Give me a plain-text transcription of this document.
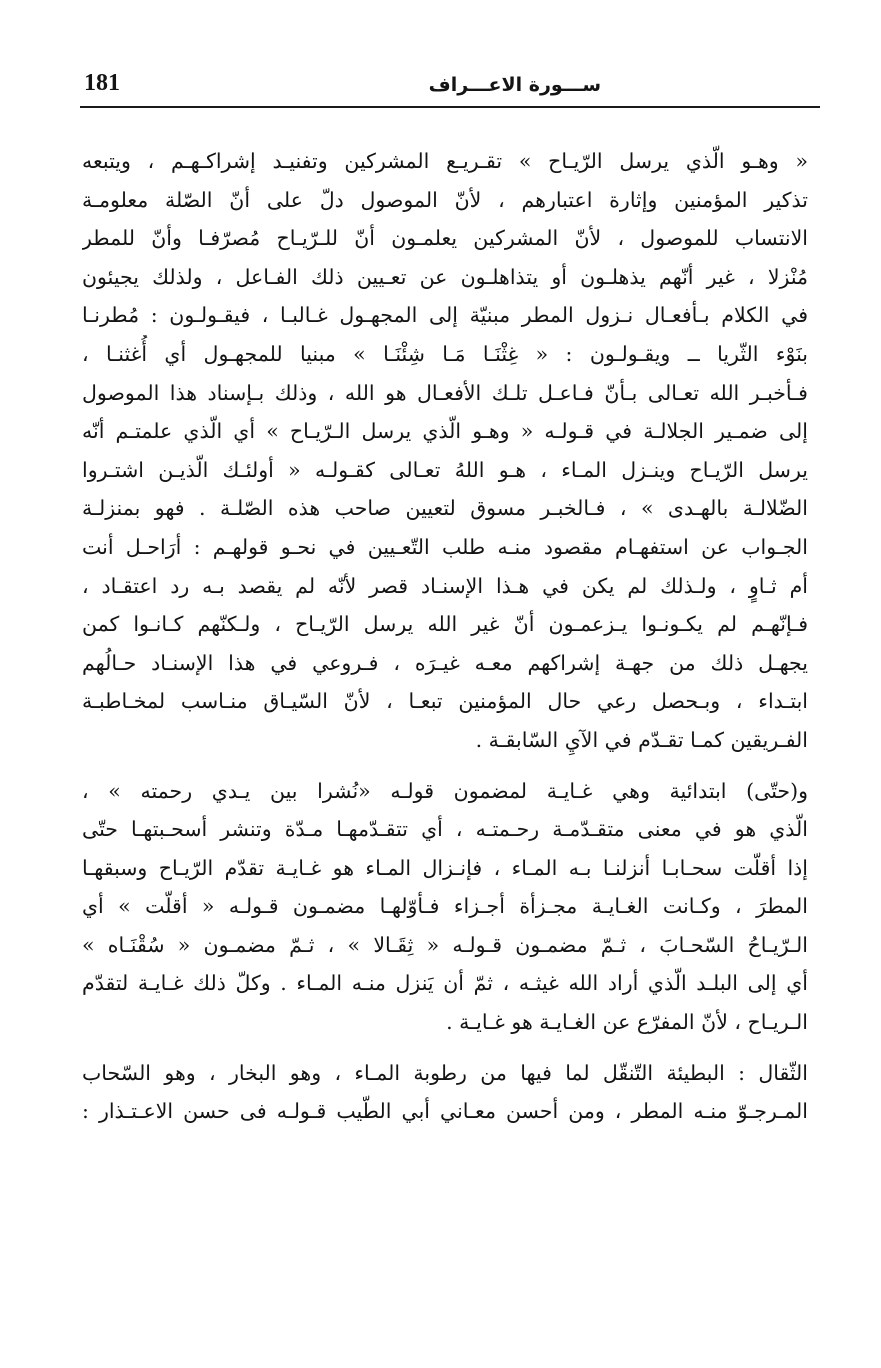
181	ســـورة الاعـــراف
« وهـو الّذي يرسل الرّيـاح » تقـريـع المشركين وتفنيـد إشراكـهـم ، ويتبعه
تذكير المؤمنين وإثارة اعتبارهم ، لأنّ الموصول دلّ على أنّ الصّلة معلومـة
الانتساب للموصول ، لأنّ المشركين يعلمـون أنّ للـرّيـاح مُصرّفـا وأنّ للمطر
مُنْزلا ، غير أنّهم يذهلـون أو يتذاهلـون عن تعـيين ذلك الفـاعل ، ولذلك يجيئون
في الكلام بـأفعـال نـزول المطر مبنيّة إلى المجهـول غـالبـا ، فيقـولـون : مُطرنـا
بنَوْء الثّريا ــ ويقـولـون : « غِثْنَـا مَـا شِئْنَـا » مبنيا للمجهـول أي أُغثنـا ،
فـأخبـر الله تعـالى بـأنّ فـاعـل تلـك الأفعـال هو الله ، وذلك بـإسناد هذا الموصول
إلى ضمـير الجلالـة في قـولـه « وهـو الّذي يرسل الـرّيـاح » أي الّذي علمتـم أنّه
يرسل الرّيـاح وينـزل المـاء ، هـو اللهُ تعـالى كقـولـه « أولئـك الّذيـن اشتـروا
الضّلالـة بالهـدى » ، فـالخبـر مسوق لتعيين صاحب هذه الصّلـة . فهو بمنزلـة
الجـواب عن استفهـام مقصود منـه طلب التّعـيين في نحـو قولهـم : أرَاحـل أنت
أم ثـاوٍ ، ولـذلك لم يكن في هـذا الإسنـاد قصر لأنّه لم يقصد بـه رد اعتقـاد ،
فـإنّهـم لم يكـونـوا يـزعمـون أنّ غير الله يرسل الرّيـاح ، ولـكنّهم كـانـوا كمن
يجهـل ذلك من جهـة إشراكهم معـه غيـرَه ، فـروعي في هذا الإسنـاد حـالُهم
ابتـداء ، وبـحصل رعي حال المؤمنين تبعـا ، لأنّ السّيـاق منـاسب لمخـاطبـة
الفـريقين كمـا تقـدّم في الآيِ السّابقـة .
و(حتّى) ابتدائية وهي غـايـة لمضمون قولـه «نُشرا بين يـدي رحمته » ،
الّذي هو في معنى متقـدّمـة رحـمتـه ، أي تتقـدّمهـا مـدّة وتنشر أسحـبتهـا حتّى
إذا أقلّت سحـابـا أنزلنـا بـه المـاء ، فإنـزال المـاء هو غـايـة تقدّم الرّيـاح وسبقهـا
المطرَ ، وكـانت الغـايـة مجـزأة أجـزاء فـأوّلهـا مضمـون قـولـه « أقلّت » أي
الـرّيـاحُ السّحـابَ ، ثـمّ مضمـون قـولـه « ثِقَـالا » ، ثـمّ مضمـون « سُقْنَـاه »
أي إلى البلـد الّذي أراد الله غيثـه ، ثمّ أن يَنزل منـه المـاء . وكلّ ذلك غـايـة لتقدّم
الـريـاح ، لأنّ المفرّع عن الغـايـة هو غـايـة .
الثّقال : البطيئة التّنقّل لما فيها من رطوبة المـاء ، وهو البخار ، وهو السّحاب
المـرجـوّ منـه المطر ، ومن أحسن معـاني أبي الطّيب قـولـه فى حسن الاعـتـذار :
